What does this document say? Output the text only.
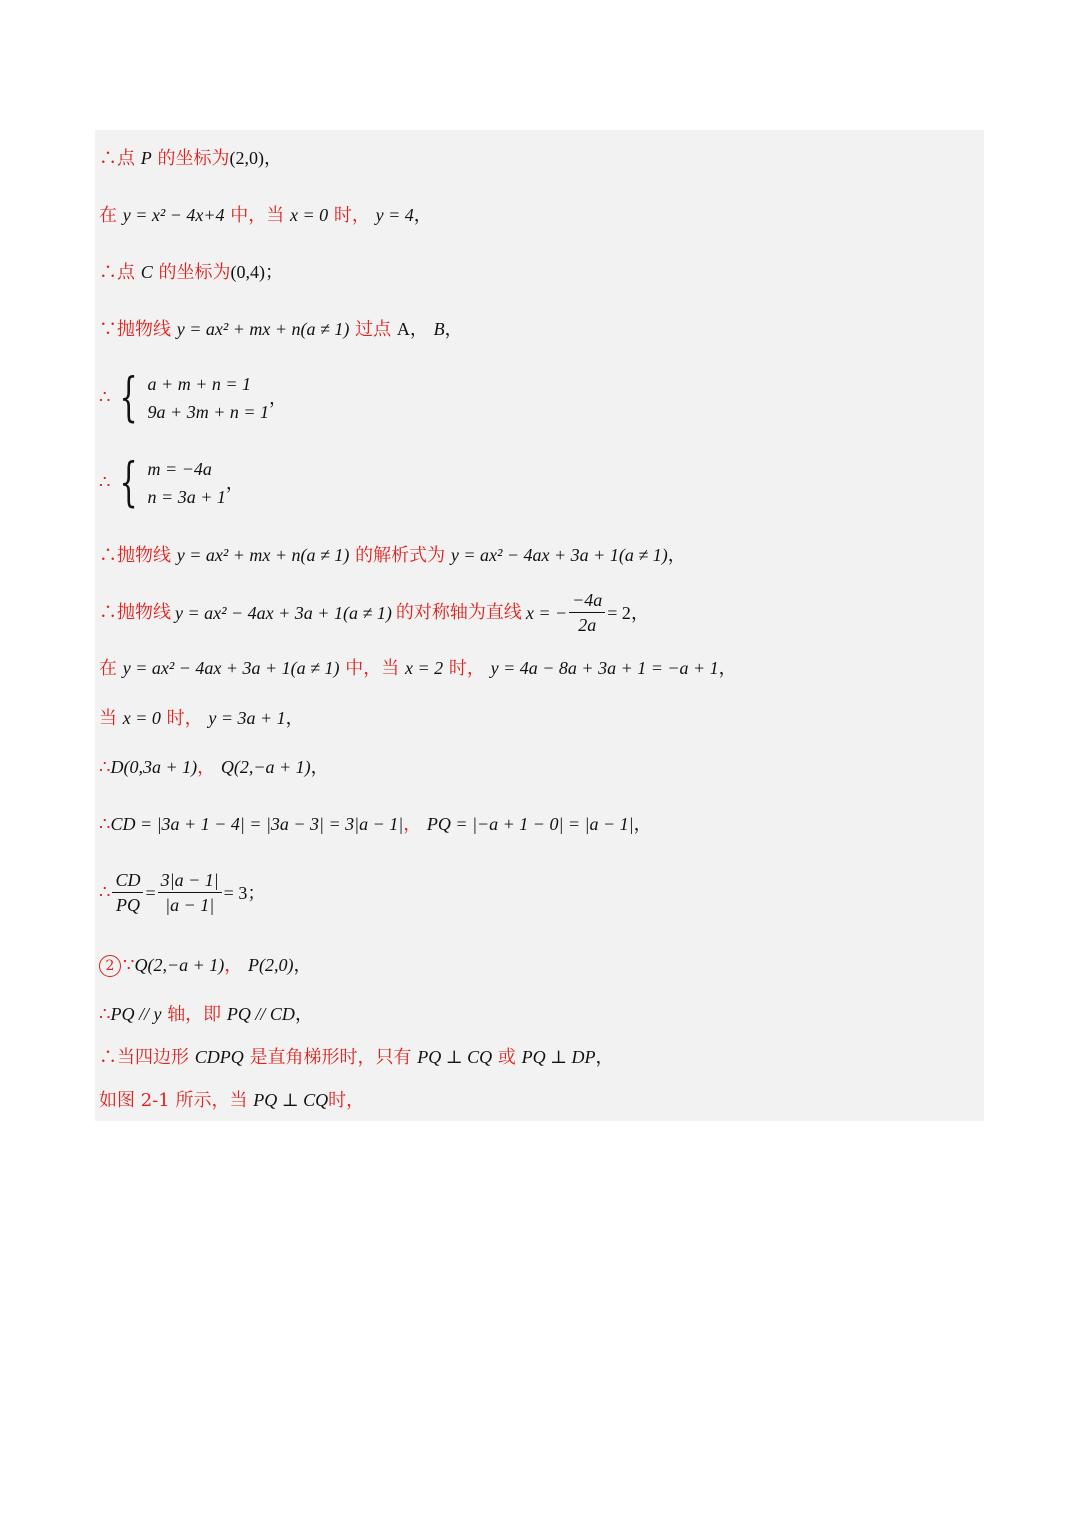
∴点 P 的坐标为(2,0)，
在 y = x² − 4x+4 中，当 x = 0 时， y = 4，
∴点 C 的坐标为(0,4)；
∵抛物线 y = ax² + mx + n(a ≠ 1) 过点 A， B，
∴ { a + m + n = 1
9a + 3m + n = 1
，
∴ { m = −4a
n = 3a + 1
，
∴抛物线 y = ax² + mx + n(a ≠ 1) 的解析式为 y = ax² − 4ax + 3a + 1(a ≠ 1)，
∴抛物线 y = ax² − 4ax + 3a + 1(a ≠ 1) 的对称轴为直线 x = − $\frac{-4a}{2a} = 2$ ，
在 y = ax² − 4ax + 3a + 1(a ≠ 1) 中，当 x = 2 时， y = 4a − 8a + 3a + 1 = −a + 1，
当 x = 0 时， y = 3a + 1，
∴D(0,3a + 1)， Q(2,−a + 1)，
∴CD = |3a + 1 − 4| = |3a − 3| = 3|a − 1|， PQ = |−a + 1 − 0| = |a − 1|，
∴ $\frac{CD}{PQ} = \frac{3|a - 1|}{|a - 1|} = 3$ ；
2 ∵Q(2,−a + 1)， P(2,0)，
∴PQ // y 轴，即 PQ // CD，
∴当四边形 CDPQ 是直角梯形时，只有 PQ ⊥ CQ 或 PQ ⊥ DP，
如图 2-1 所示，当 PQ ⊥ CQ时，
